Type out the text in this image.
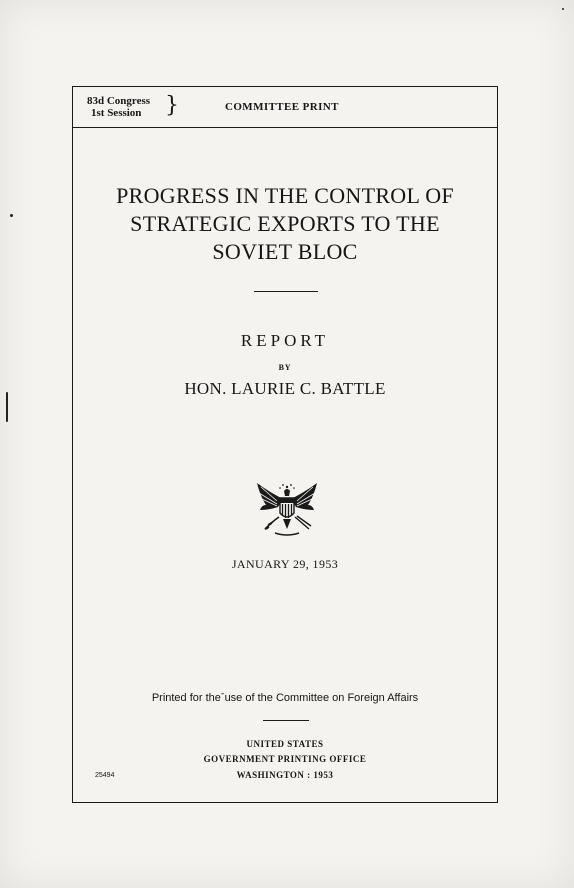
83d Congress
1st Session	}	COMMITTEE PRINT
PROGRESS IN THE CONTROL OF
STRATEGIC EXPORTS TO THE
SOVIET BLOC
REPORT
BY
HON. LAURIE C. BATTLE
JANUARY 29, 1953
Printed for theˉuse of the Committee on Foreign Affairs
UNITED STATES
GOVERNMENT PRINTING OFFICE
WASHINGTON : 1953
25494
